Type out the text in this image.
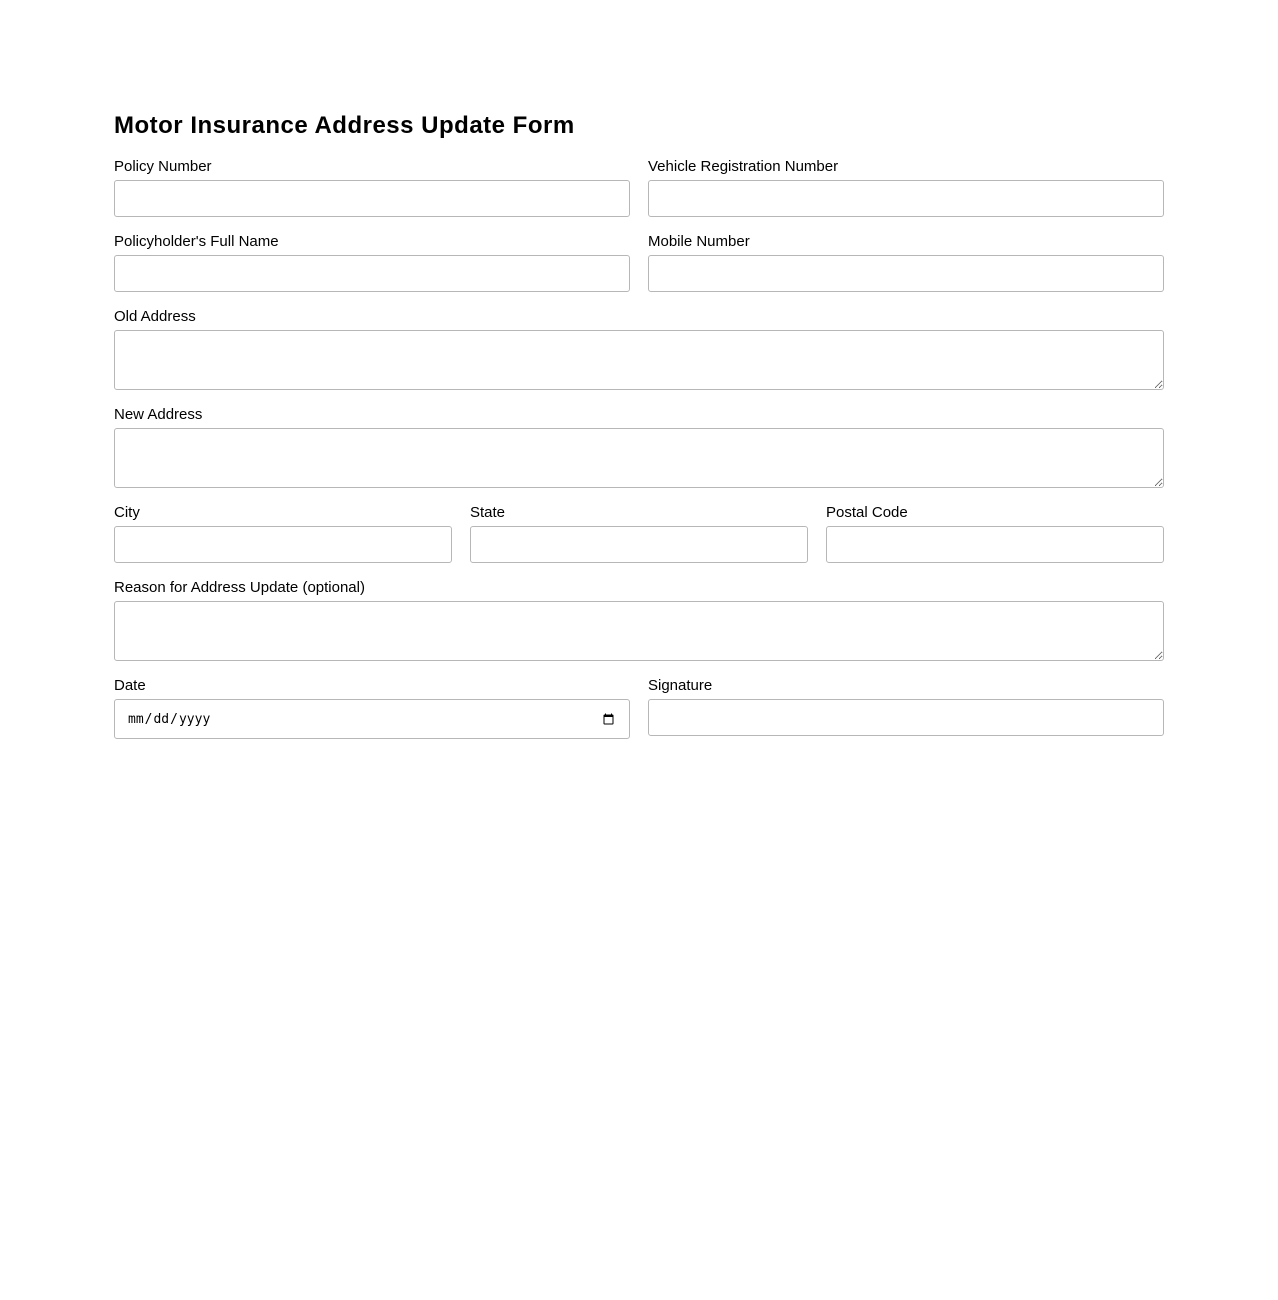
Motor Insurance Address Update Form
Policy Number	Vehicle Registration Number
Policyholder's Full Name	Mobile Number
Old Address
New Address
City	State	Postal Code
Reason for Address Update (optional)
Date	Signature
